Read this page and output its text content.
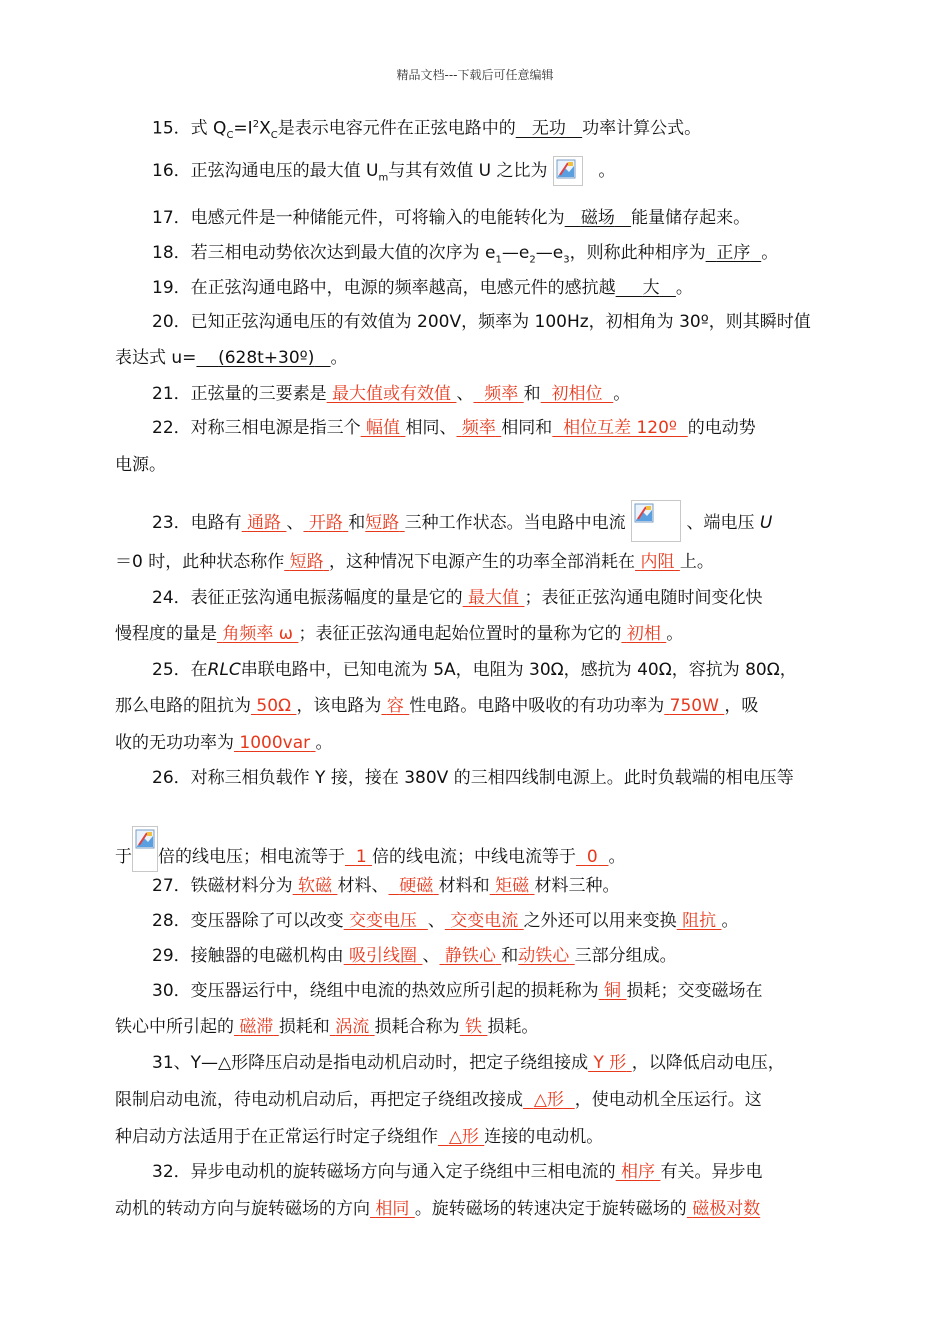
精品文档---下载后可任意编辑
15．式 $Q_C=I^2X_C$是表示电容元件在正弦电路中的 无功 功率计算公式。
16．正弦沟通电压的最大值 $U_m$与其有效值 U 之比为	。
17．电感元件是一种储能元件，可将输入的电能转化为 磁场 能量储存起来。
18．若三相电动势依次达到最大值的次序为 $e_1—e_2—e_3$，则称此种相序为 正序 。
19．在正弦沟通电路中，电源的频率越高，电感元件的感抗越 大 。
20．已知正弦沟通电压的有效值为 200V，频率为 100Hz，初相角为 30º，则其瞬时值
表达式 u= (628t+30º) 。
21．正弦量的三要素是 最大值或有效值 、 频率 和 初相位 。
22．对称三相电源是指三个 幅值 相同、 频率 相同和 相位互差 120º 的电动势
电源。
23．电路有 通路 、 开路 和短路 三种工作状态。当电路中电流	、端电压 U
＝0 时，此种状态称作 短路 ，这种情况下电源产生的功率全部消耗在 内阻 上。
24．表征正弦沟通电振荡幅度的量是它的 最大值 ；表征正弦沟通电随时间变化快
慢程度的量是 角频率 ω ；表征正弦沟通电起始位置时的量称为它的 初相 。
25．在RLC串联电路中，已知电流为 5A，电阻为 30Ω，感抗为 40Ω，容抗为 80Ω，
那么电路的阻抗为 50Ω ，该电路为 容 性电路。电路中吸收的有功功率为 750W ，吸
收的无功功率为 1000var 。
26．对称三相负载作 Y 接，接在 380V 的三相四线制电源上。此时负载端的相电压等
于 倍的线电压；相电流等于 1 倍的线电流；中线电流等于 0 。
27．铁磁材料分为 软磁 材料、 硬磁 材料和 矩磁 材料三种。
28．变压器除了可以改变 交变电压 、 交变电流 之外还可以用来变换 阻抗 。
29．接触器的电磁机构由 吸引线圈 、 静铁心 和动铁心 三部分组成。
30．变压器运行中，绕组中电流的热效应所引起的损耗称为 铜 损耗；交变磁场在
铁心中所引起的 磁滞 损耗和 涡流 损耗合称为 铁 损耗。
31、Y—△形降压启动是指电动机启动时，把定子绕组接成 Y 形 ，以降低启动电压，
限制启动电流，待电动机启动后，再把定子绕组改接成 △形 ，使电动机全压运行。这
种启动方法适用于在正常运行时定子绕组作 △形 连接的电动机。
32．异步电动机的旋转磁场方向与通入定子绕组中三相电流的 相序 有关。异步电
动机的转动方向与旋转磁场的方向 相同 。旋转磁场的转速决定于旋转磁场的 磁极对数
